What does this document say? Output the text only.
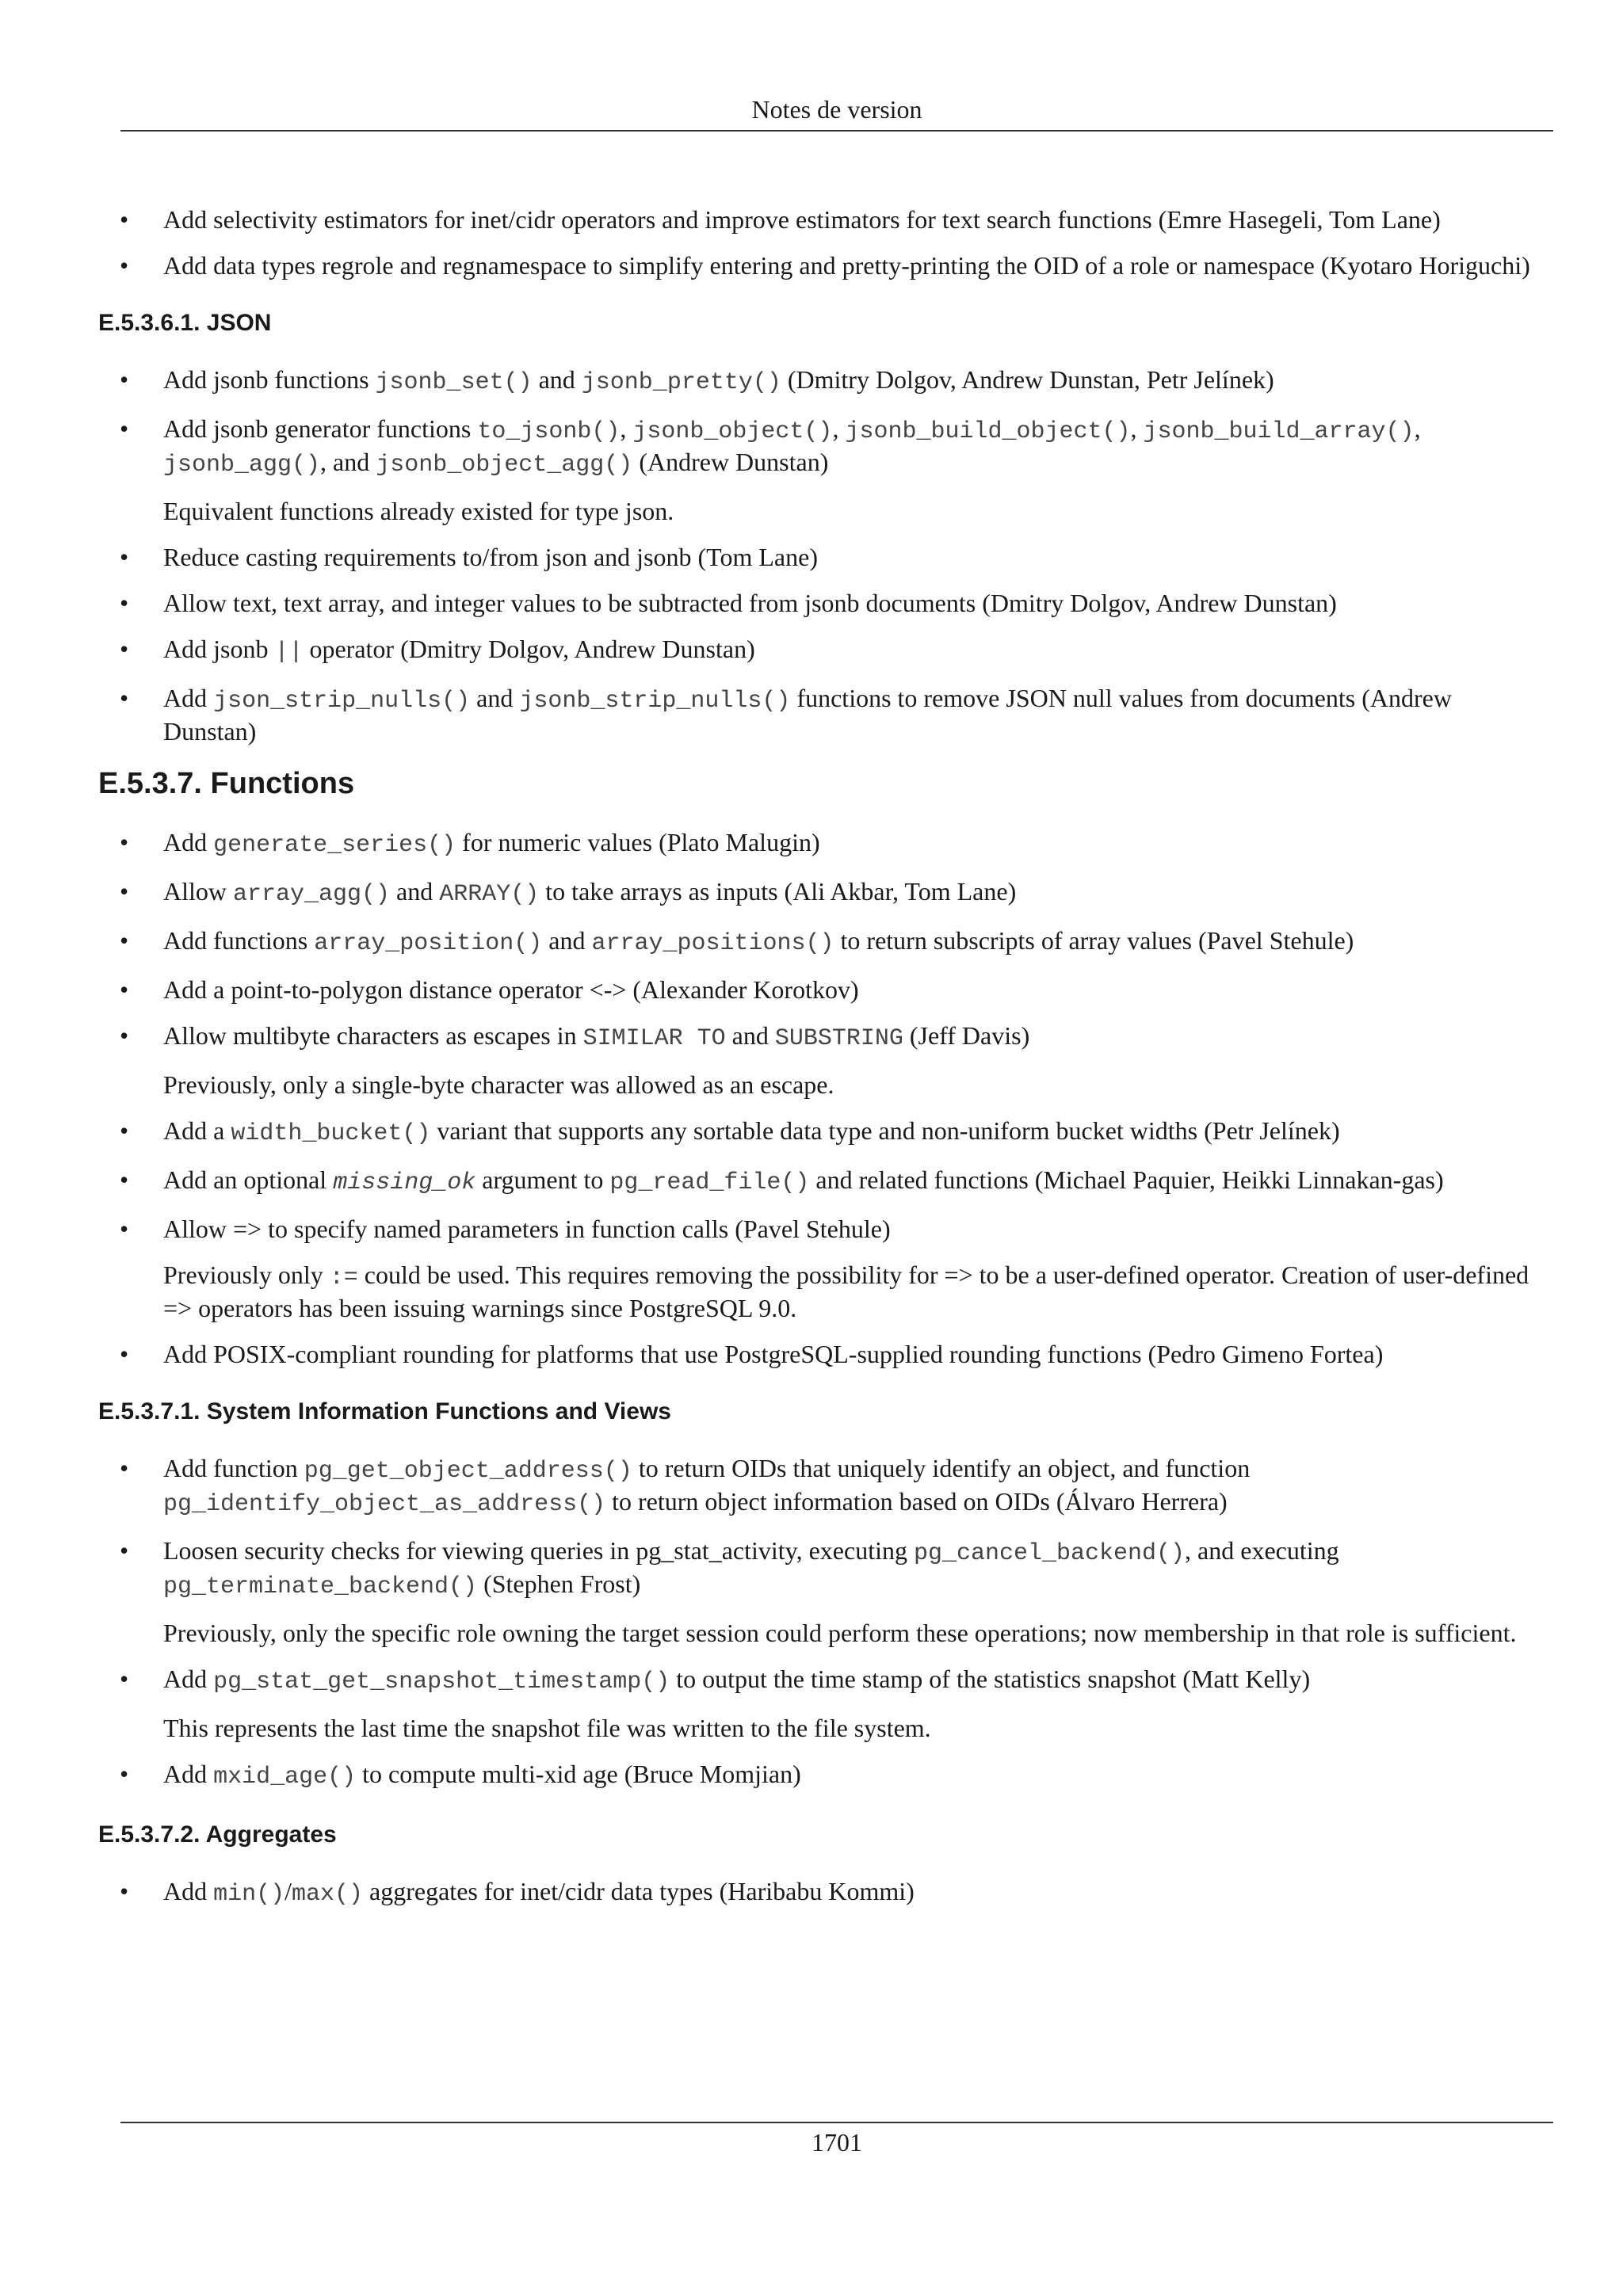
Notes de version

• Add selectivity estimators for inet/cidr operators and improve estimators for text search functions (Emre Hasegeli, Tom Lane)

• Add data types regrole and regnamespace to simplify entering and pretty-printing the OID of a role or namespace (Kyotaro Horiguchi)

E.5.3.6.1. JSON

• Add jsonb functions jsonb_set() and jsonb_pretty() (Dmitry Dolgov, Andrew Dunstan, Petr Jelínek)

• Add jsonb generator functions to_jsonb(), jsonb_object(), jsonb_build_object(), jsonb_build_array(), jsonb_agg(), and jsonb_object_agg() (Andrew Dunstan)

Equivalent functions already existed for type json.

• Reduce casting requirements to/from json and jsonb (Tom Lane)

• Allow text, text array, and integer values to be subtracted from jsonb documents (Dmitry Dolgov, Andrew Dunstan)

• Add jsonb || operator (Dmitry Dolgov, Andrew Dunstan)

• Add json_strip_nulls() and jsonb_strip_nulls() functions to remove JSON null values from documents (Andrew Dunstan)

E.5.3.7. Functions

• Add generate_series() for numeric values (Plato Malugin)

• Allow array_agg() and ARRAY() to take arrays as inputs (Ali Akbar, Tom Lane)

• Add functions array_position() and array_positions() to return subscripts of array values (Pavel Stehule)

• Add a point-to-polygon distance operator <-> (Alexander Korotkov)

• Allow multibyte characters as escapes in SIMILAR TO and SUBSTRING (Jeff Davis)

Previously, only a single-byte character was allowed as an escape.

• Add a width_bucket() variant that supports any sortable data type and non-uniform bucket widths (Petr Jelínek)

• Add an optional missing_ok argument to pg_read_file() and related functions (Michael Paquier, Heikki Linnakan-gas)

• Allow => to specify named parameters in function calls (Pavel Stehule)

Previously only := could be used. This requires removing the possibility for => to be a user-defined operator. Creation of user-defined => operators has been issuing warnings since PostgreSQL 9.0.

• Add POSIX-compliant rounding for platforms that use PostgreSQL-supplied rounding functions (Pedro Gimeno Fortea)

E.5.3.7.1. System Information Functions and Views

• Add function pg_get_object_address() to return OIDs that uniquely identify an object, and function pg_identify_object_as_address() to return object information based on OIDs (Álvaro Herrera)

• Loosen security checks for viewing queries in pg_stat_activity, executing pg_cancel_backend(), and executing pg_terminate_backend() (Stephen Frost)

Previously, only the specific role owning the target session could perform these operations; now membership in that role is sufficient.

• Add pg_stat_get_snapshot_timestamp() to output the time stamp of the statistics snapshot (Matt Kelly)

This represents the last time the snapshot file was written to the file system.

• Add mxid_age() to compute multi-xid age (Bruce Momjian)

E.5.3.7.2. Aggregates

• Add min()/max() aggregates for inet/cidr data types (Haribabu Kommi)

1701
